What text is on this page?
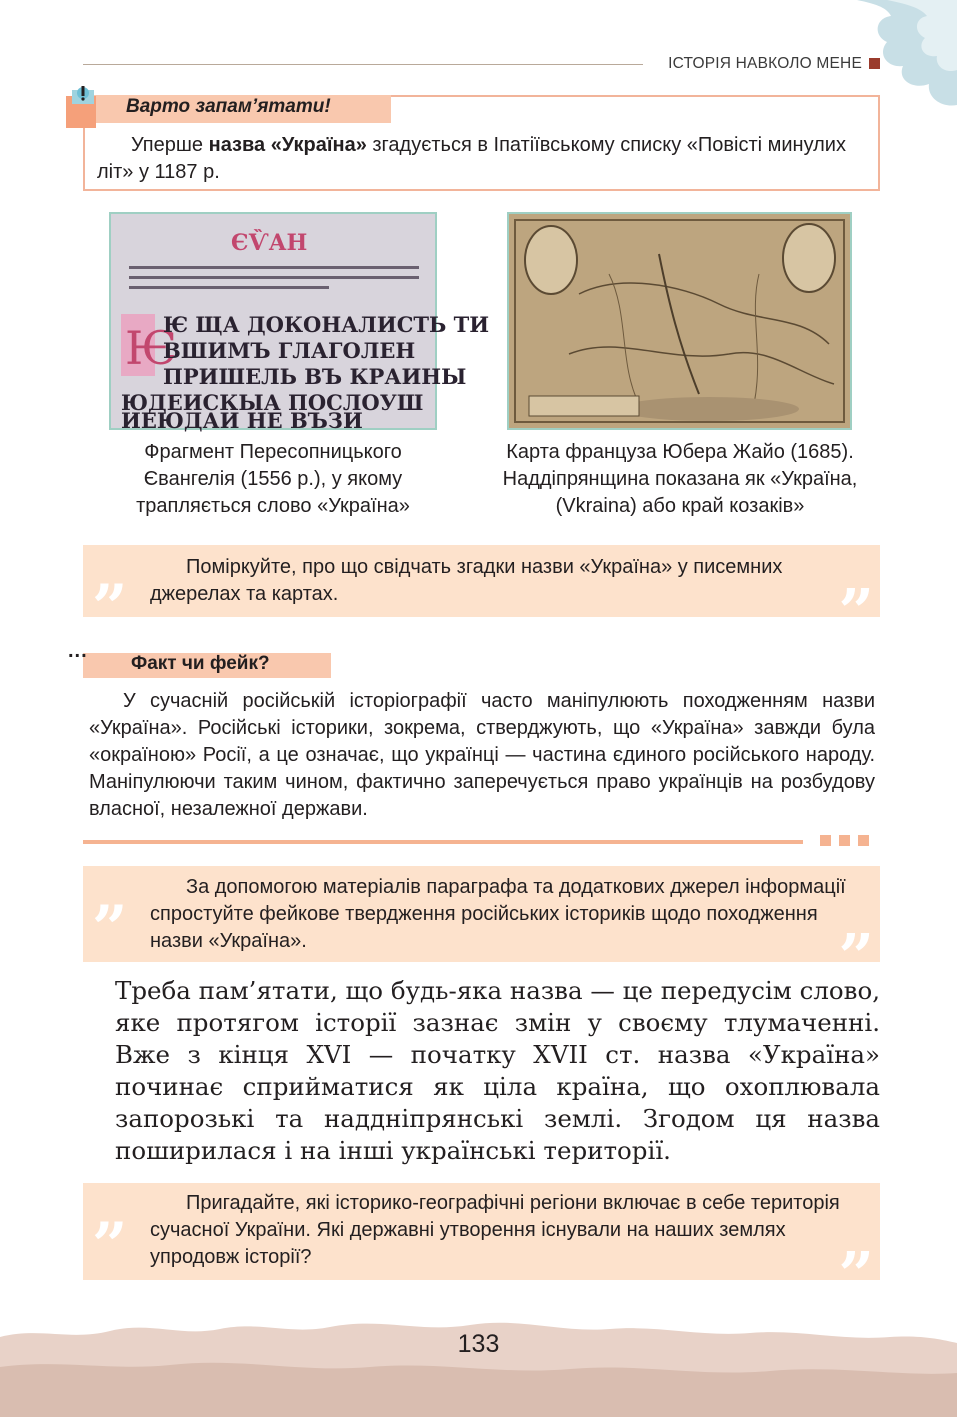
ІСТОРІЯ НАВКОЛО МЕНЕ
Варто запам’ятати!
Уперше назва «Україна» згадується в Іпатіївському списку «Повісті минулих літ» у 1187 р.
ЄѶАН
Ѥ
Ѥ ЩА ДОКОНАЛИСТЬ ТИ
ВШИМЪ ГЛАГОЛЕН
ПРИШЕЛЬ ВЪ КРАИНЫ
ЮДЕИСКЫА ПОСЛОУШ
ИЕЮДАИ НЕ ВЪЗИ
Фрагмент Пересопницького Євангелія (1556 р.), у якому трапляється слово «Україна»
Карта француза Юбера Жайо (1685). Наддіпрянщина показана як «Україна, (Vkraina) або край козаків»
„	Поміркуйте, про що свідчать згадки назви «Україна» у писемних джерелах та картах.	”
...
Факт чи фейк?
У сучасній російській історіографії часто маніпулюють походженням назви «Україна». Російські історики, зокрема, стверджують, що «Україна» завжди була «окраїною» Росії, а це означає, що українці — частина єдиного російського народу. Маніпулюючи таким чином, фактично заперечується право українців на розбудову власної, незалежної держави.
„	За допомогою матеріалів параграфа та додаткових джерел інформації спростуйте фейкове твердження російських істориків щодо походження назви «Україна».	”
Треба пам’ятати, що будь-яка назва — це передусім слово, яке протягом історії зазнає змін у своєму тлумаченні. Вже з кінця XVI — початку XVII ст. назва «Україна» починає сприйматися як ціла країна, що охоплювала запорозькі та наддніпрянські землі. Згодом ця назва поширилася і на інші українські території.
„	Пригадайте, які історико-географічні регіони включає в себе територія сучасної України. Які державні утворення існували на наших землях упродовж історії?	”
133
